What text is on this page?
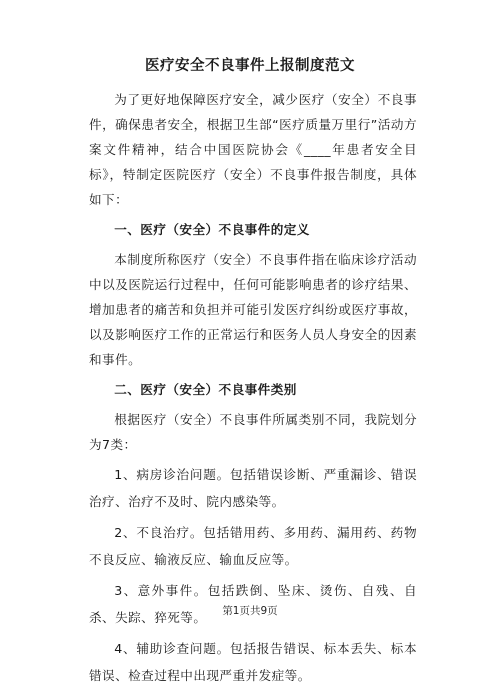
医疗安全不良事件上报制度范文

为了更好地保障医疗安全，减少医疗（安全）不良事件，确保患者安全，根据卫生部“医疗质量万里行”活动方案文件精神，结合中国医院协会《____年患者安全目标》，特制定医院医疗（安全）不良事件报告制度，具体如下：

一、医疗（安全）不良事件的定义

本制度所称医疗（安全）不良事件指在临床诊疗活动中以及医院运行过程中，任何可能影响患者的诊疗结果、增加患者的痛苦和负担并可能引发医疗纠纷或医疗事故，以及影响医疗工作的正常运行和医务人员人身安全的因素和事件。

二、医疗（安全）不良事件类别

根据医疗（安全）不良事件所属类别不同，我院划分为7类：

1、病房诊治问题。包括错误诊断、严重漏诊、错误治疗、治疗不及时、院内感染等。

2、不良治疗。包括错用药、多用药、漏用药、药物不良反应、输液反应、输血反应等。

3、意外事件。包括跌倒、坠床、烫伤、自残、自杀、失踪、猝死等。

4、辅助诊查问题。包括报告错误、标本丢失、标本错误、检查过程中出现严重并发症等。

第1页共9页
